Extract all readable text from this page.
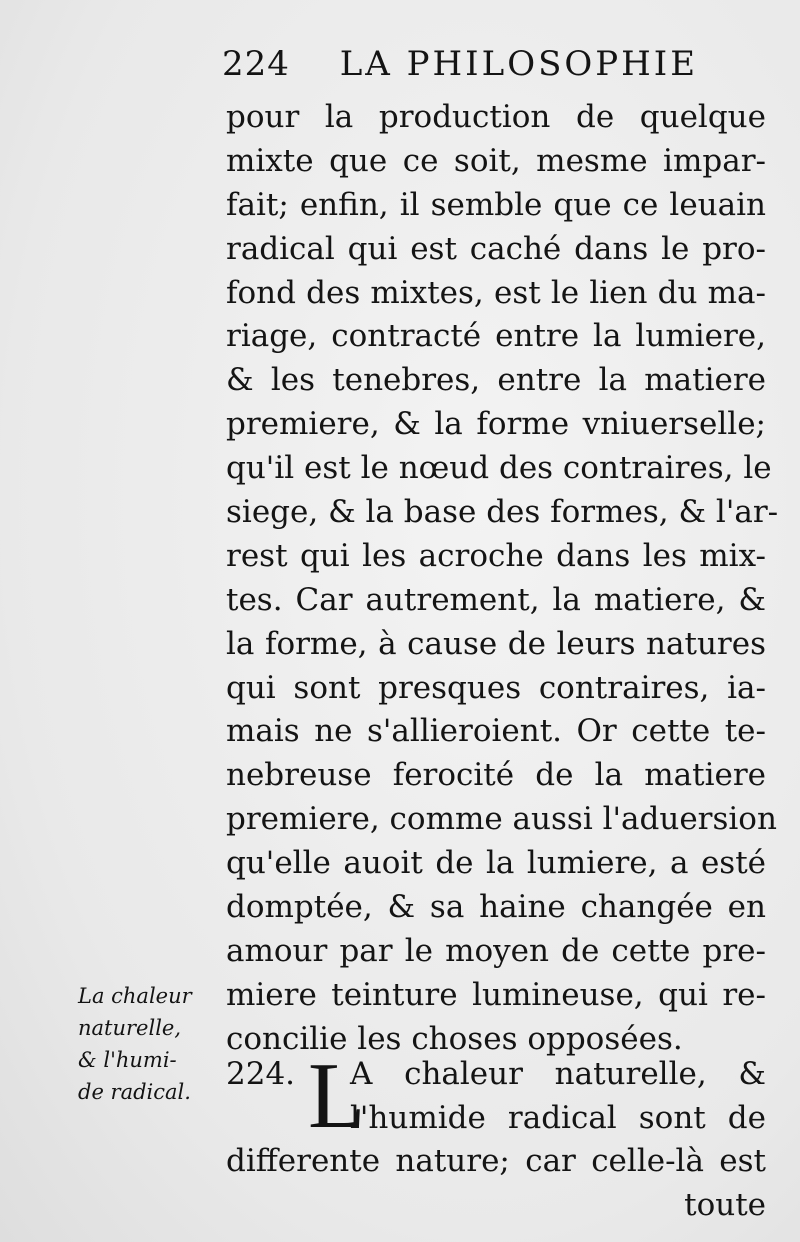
224 LA PHILOSOPHIE
pour la production de quelque
mixte que ce soit, mesme impar-
fait; enfin, il semble que ce leuain
radical qui est caché dans le pro-
fond des mixtes, est le lien du ma-
riage, contracté entre la lumiere,
& les tenebres, entre la matiere
premiere, & la forme vniuerselle;
qu'il est le nœud des contraires, le
siege, & la base des formes, & l'ar-
rest qui les acroche dans les mix-
tes. Car autrement, la matiere, &
la forme, à cause de leurs natures
qui sont presques contraires, ia-
mais ne s'allieroient. Or cette te-
nebreuse ferocité de la matiere
premiere, comme aussi l'aduersion
qu'elle auoit de la lumiere, a esté
domptée, & sa haine changée en
amour par le moyen de cette pre-
miere teinture lumineuse, qui re-
concilie les choses opposées.
224. L
A chaleur naturelle, &
l'humide radical sont de
differente nature; car celle-là est
toute
La chaleur
naturelle,
& l'humi-
de radical.
